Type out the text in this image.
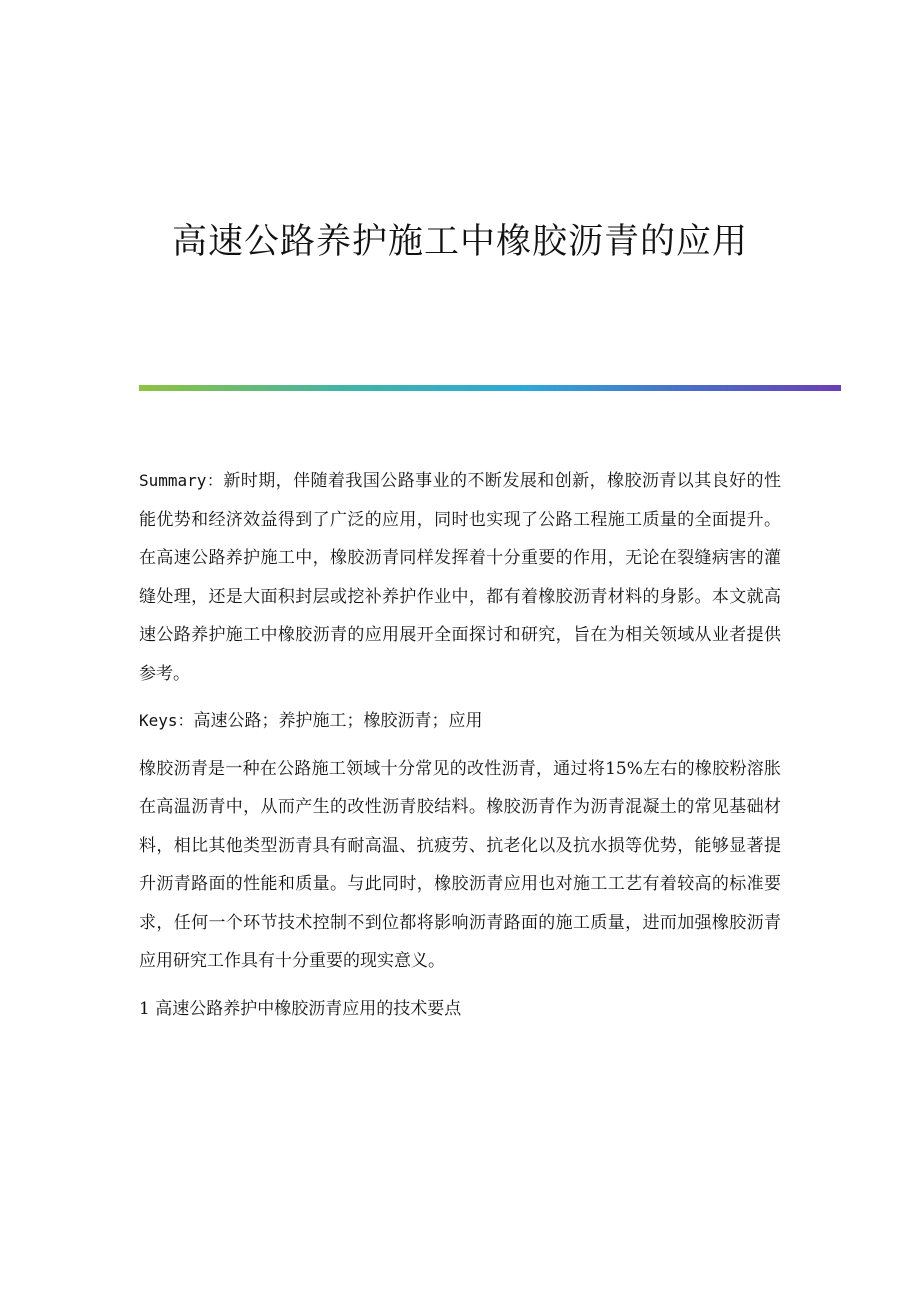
高速公路养护施工中橡胶沥青的应用

Summary：新时期，伴随着我国公路事业的不断发展和创新，橡胶沥青以其良好的性能优势和经济效益得到了广泛的应用，同时也实现了公路工程施工质量的全面提升。在高速公路养护施工中，橡胶沥青同样发挥着十分重要的作用，无论在裂缝病害的灌缝处理，还是大面积封层或挖补养护作业中，都有着橡胶沥青材料的身影。本文就高速公路养护施工中橡胶沥青的应用展开全面探讨和研究，旨在为相关领域从业者提供参考。

Keys：高速公路；养护施工；橡胶沥青；应用

橡胶沥青是一种在公路施工领域十分常见的改性沥青，通过将15%左右的橡胶粉溶胀在高温沥青中，从而产生的改性沥青胶结料。橡胶沥青作为沥青混凝土的常见基础材料，相比其他类型沥青具有耐高温、抗疲劳、抗老化以及抗水损等优势，能够显著提升沥青路面的性能和质量。与此同时，橡胶沥青应用也对施工工艺有着较高的标准要求，任何一个环节技术控制不到位都将影响沥青路面的施工质量，进而加强橡胶沥青应用研究工作具有十分重要的现实意义。

1 高速公路养护中橡胶沥青应用的技术要点
